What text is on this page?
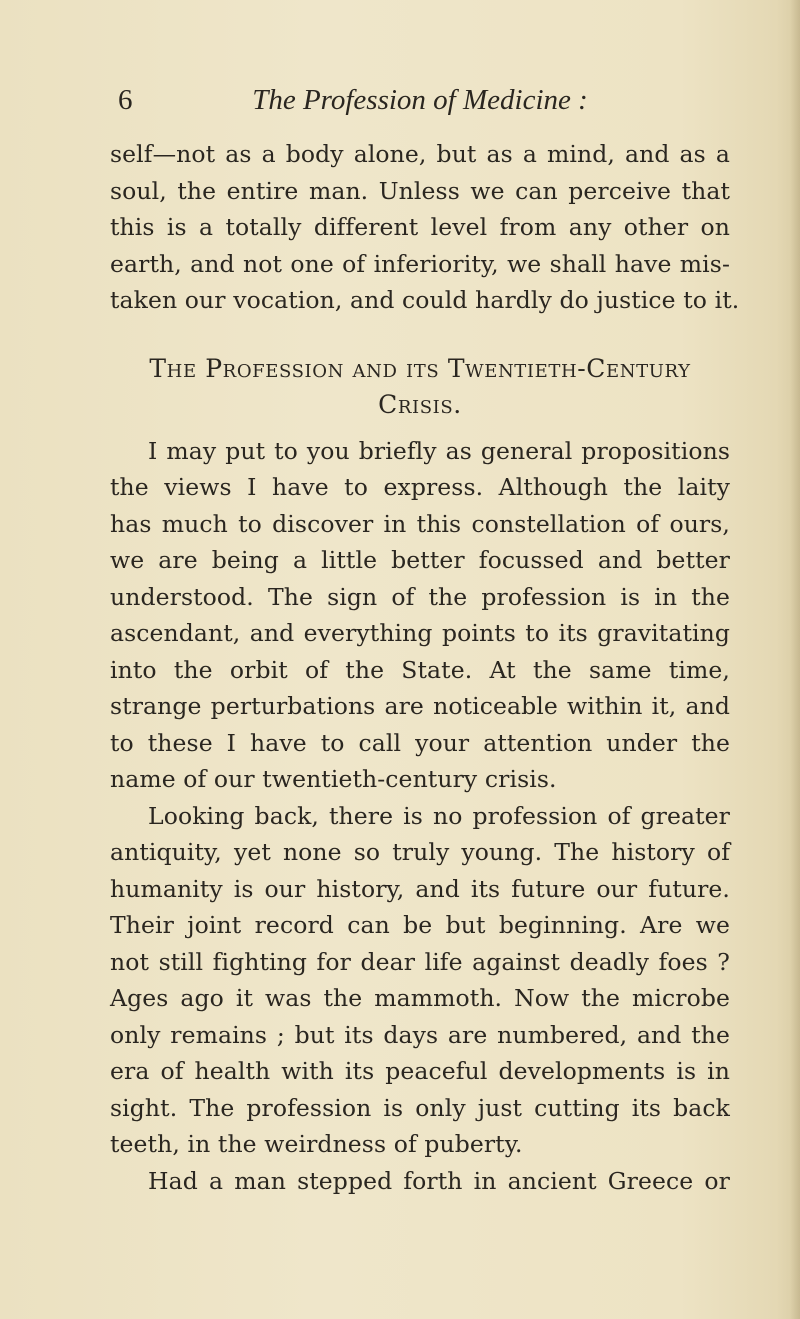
6	The Profession of Medicine :
self—not as a body alone, but as a mind, and as a
soul, the entire man. Unless we can perceive that
this is a totally different level from any other on
earth, and not one of inferiority, we shall have mis-
taken our vocation, and could hardly do justice to it.
The Profession and its Twentieth-Century
Crisis.
I may put to you briefly as general propositions
the views I have to express. Although the laity
has much to discover in this constellation of ours,
we are being a little better focussed and better
understood. The sign of the profession is in the
ascendant, and everything points to its gravitating
into the orbit of the State. At the same time,
strange perturbations are noticeable within it, and
to these I have to call your attention under the
name of our twentieth-century crisis.
Looking back, there is no profession of greater
antiquity, yet none so truly young. The history of
humanity is our history, and its future our future.
Their joint record can be but beginning. Are we
not still fighting for dear life against deadly foes ?
Ages ago it was the mammoth. Now the microbe
only remains ; but its days are numbered, and the
era of health with its peaceful developments is in
sight. The profession is only just cutting its back
teeth, in the weirdness of puberty.
Had a man stepped forth in ancient Greece or
